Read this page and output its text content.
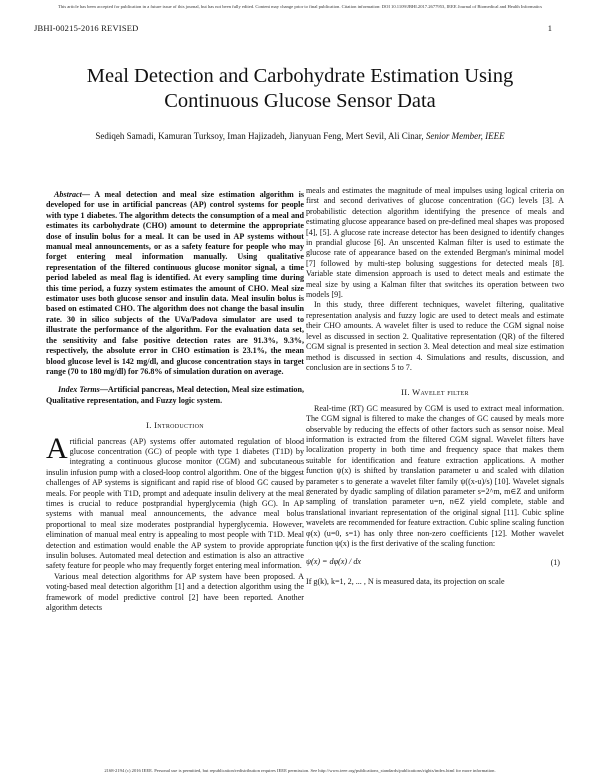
This article has been accepted for publication in a future issue of this journal, but has not been fully edited. Content may change prior to final publication. Citation information: DOI 10.1109/JBHI.2017.2677953, IEEE Journal of Biomedical and Health Informatics
JBHI-00215-2016 REVISED	1
Meal Detection and Carbohydrate Estimation Using Continuous Glucose Sensor Data
Sediqeh Samadi, Kamuran Turksoy, Iman Hajizadeh, Jianyuan Feng, Mert Sevil, Ali Cinar, Senior Member, IEEE

Abstract— A meal detection and meal size estimation algorithm is developed for use in artificial pancreas (AP) control systems for people with type 1 diabetes. The algorithm detects the consumption of a meal and estimates its carbohydrate (CHO) amount to determine the appropriate dose of insulin bolus for a meal. It can be used in AP systems without manual meal announcements, or as a safety feature for people who may forget entering meal information manually. Using qualitative representation of the filtered continuous glucose monitor signal, a time period labeled as meal flag is identified. At every sampling time during this time period, a fuzzy system estimates the amount of CHO. Meal size estimator uses both glucose sensor and insulin data. Meal insulin bolus is based on estimated CHO. The algorithm does not change the basal insulin rate. 30 in silico subjects of the UVa/Padova simulator are used to illustrate the performance of the algorithm. For the evaluation data set, the sensitivity and false positive detection rates are 91.3%, 9.3%, respectively, the absolute error in CHO estimation is 23.1%, the mean blood glucose level is 142 mg/dl, and glucose concentration stays in target range (70 to 180 mg/dl) for 76.8% of simulation duration on average.

Index Terms—Artificial pancreas, Meal detection, Meal size estimation, Qualitative representation, and Fuzzy logic system.

I. Introduction

Artificial pancreas (AP) systems offer automated regulation of blood glucose concentration (GC) of people with type 1 diabetes (T1D) by integrating a continuous glucose monitor (CGM) and subcutaneous insulin infusion pump with a closed-loop control algorithm. One of the biggest challenges of AP systems is significant and rapid rise of blood GC caused by meals. For people with T1D, prompt and adequate insulin delivery at the meal times is crucial to reduce postprandial hyperglycemia (high GC). In AP systems with manual meal announcements, the advance meal bolus proportional to meal size moderates postprandial hyperglycemia. However, elimination of manual meal entry is appealing to most people with T1D. Meal detection and estimation would enable the AP system to provide appropriate insulin boluses. Automated meal detection and estimation is also an attractive safety feature for people who may frequently forget entering meal information.

Various meal detection algorithms for AP system have been proposed. A voting-based meal detection algorithm [1] and a detection algorithm using the framework of model predictive control [2] have been reported. Another algorithm detects

meals and estimates the magnitude of meal impulses using logical criteria on first and second derivatives of glucose concentration (GC) levels [3]. A probabilistic detection algorithm identifying the presence of meals and estimating glucose appearance based on pre-defined meal shapes was proposed [4], [5]. A glucose rate increase detector has been designed to identify changes in prandial glucose [6]. An unscented Kalman filter is used to estimate the glucose rate of appearance based on the extended Bergman's minimal model [7] followed by multi-step bolusing suggestions for detected meals [8]. Variable state dimension approach is used to detect meals and estimate the meal size by using a Kalman filter that switches its operation between two models [9].

In this study, three different techniques, wavelet filtering, qualitative representation analysis and fuzzy logic are used to detect meals and estimate their CHO amounts. A wavelet filter is used to reduce the CGM signal noise level as discussed in section 2. Qualitative representation (QR) of the filtered CGM signal is presented in section 3. Meal detection and meal size estimation method is discussed in section 4. Simulations and results, discussion, and conclusion are in sections 5 to 7.

II. Wavelet filter

Real-time (RT) GC measured by CGM is used to extract meal information. The CGM signal is filtered to make the changes of GC caused by meals more observable by reducing the effects of other factors such as sensor noise. Meal information is extracted from the filtered CGM signal. Wavelet filters have localization property in both time and frequency space that makes them suitable for identification and feature extraction applications. A mother function ψ(x) is shifted by translation parameter u and scaled with dilation parameter s to generate a wavelet filter family ψ((x-u)/s) [10]. Wavelet signals generated by dyadic sampling of dilation parameter s=2^m, m∈Z and uniform sampling of translation parameter u=n, n∈Z yield complete, stable and translational invariant representation of the original signal [11]. Cubic spline wavelets are recommended for feature extraction. Cubic spline scaling function φ(x) (u=0, s=1) has only three non-zero coefficients [12]. Mother wavelet function ψ(x) is the first derivative of the scaling function:

ψ(x) = dφ(x) / dx	(1)

If g(k), k=1, 2, ... , N is measured data, its projection on scale

2168-2194 (c) 2016 IEEE. Personal use is permitted, but republication/redistribution requires IEEE permission. See http://www.ieee.org/publications_standards/publications/rights/index.html for more information.
